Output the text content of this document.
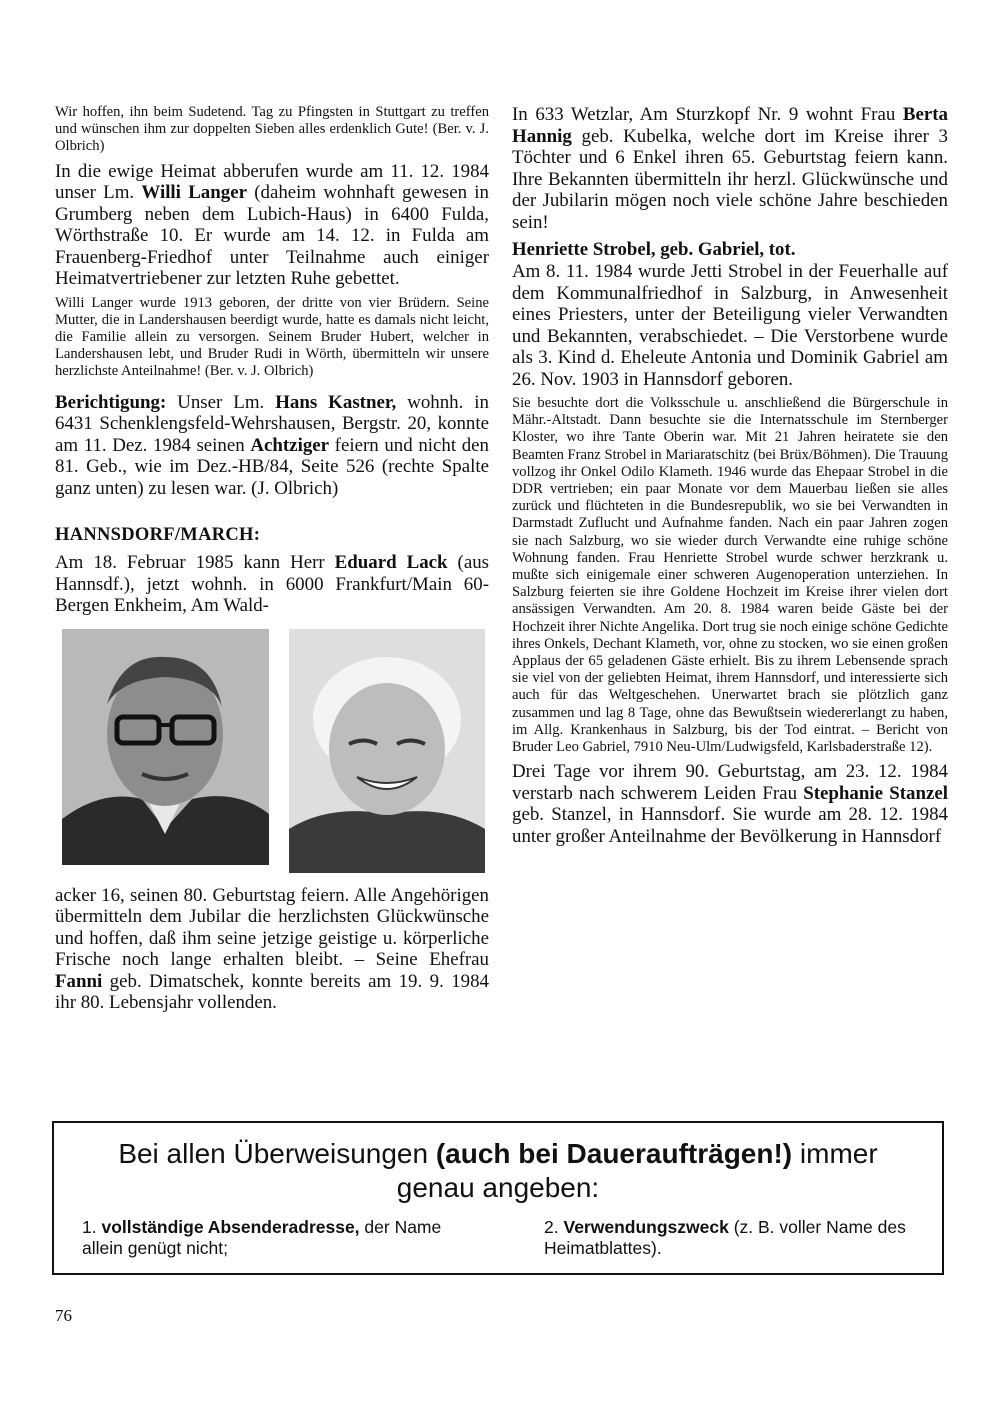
Wir hoffen, ihn beim Sudetend. Tag zu Pfingsten in Stuttgart zu treffen und wünschen ihm zur doppelten Sieben alles erdenklich Gute! (Ber. v. J. Olbrich)

In die ewige Heimat abberufen wurde am 11. 12. 1984 unser Lm. Willi Langer (daheim wohnhaft gewesen in Grumberg neben dem Lubich-Haus) in 6400 Fulda, Wörthstraße 10. Er wurde am 14. 12. in Fulda am Frauenberg-Friedhof unter Teilnahme auch einiger Heimatvertriebener zur letzten Ruhe gebettet.

Willi Langer wurde 1913 geboren, der dritte von vier Brüdern. Seine Mutter, die in Landershausen beerdigt wurde, hatte es damals nicht leicht, die Familie allein zu versorgen. Seinem Bruder Hubert, welcher in Landershausen lebt, und Bruder Rudi in Wörth, übermitteln wir unsere herzlichste Anteilnahme! (Ber. v. J. Olbrich)

Berichtigung: Unser Lm. Hans Kastner, wohnh. in 6431 Schenklengsfeld-Wehrshausen, Bergstr. 20, konnte am 11. Dez. 1984 seinen Achtziger feiern und nicht den 81. Geb., wie im Dez.-HB/84, Seite 526 (rechte Spalte ganz unten) zu lesen war. (J. Olbrich)

HANNSDORF/MARCH:

Am 18. Februar 1985 kann Herr Eduard Lack (aus Hannsdf.), jetzt wohnh. in 6000 Frankfurt/Main 60-Bergen Enkheim, Am Wald-

acker 16, seinen 80. Geburtstag feiern. Alle Angehörigen übermitteln dem Jubilar die herzlichsten Glückwünsche und hoffen, daß ihm seine jetzige geistige u. körperliche Frische noch lange erhalten bleibt. – Seine Ehefrau Fanni geb. Dimatschek, konnte bereits am 19. 9. 1984 ihr 80. Lebensjahr vollenden.

In 633 Wetzlar, Am Sturzkopf Nr. 9 wohnt Frau Berta Hannig geb. Kubelka, welche dort im Kreise ihrer 3 Töchter und 6 Enkel ihren 65. Geburtstag feiern kann. Ihre Bekannten übermitteln ihr herzl. Glückwünsche und der Jubilarin mögen noch viele schöne Jahre beschieden sein!

Henriette Strobel, geb. Gabriel, tot.

Am 8. 11. 1984 wurde Jetti Strobel in der Feuerhalle auf dem Kommunalfriedhof in Salzburg, in Anwesenheit eines Priesters, unter der Beteiligung vieler Verwandten und Bekannten, verabschiedet. – Die Verstorbene wurde als 3. Kind d. Eheleute Antonia und Dominik Gabriel am 26. Nov. 1903 in Hannsdorf geboren.

Sie besuchte dort die Volksschule u. anschließend die Bürgerschule in Mähr.-Altstadt. Dann besuchte sie die Internatsschule im Sternberger Kloster, wo ihre Tante Oberin war. Mit 21 Jahren heiratete sie den Beamten Franz Strobel in Mariaratschitz (bei Brüx/Böhmen). Die Trauung vollzog ihr Onkel Odilo Klameth. 1946 wurde das Ehepaar Strobel in die DDR vertrieben; ein paar Monate vor dem Mauerbau ließen sie alles zurück und flüchteten in die Bundesrepublik, wo sie bei Verwandten in Darmstadt Zuflucht und Aufnahme fanden. Nach ein paar Jahren zogen sie nach Salzburg, wo sie wieder durch Verwandte eine ruhige schöne Wohnung fanden. Frau Henriette Strobel wurde schwer herzkrank u. mußte sich einigemale einer schweren Augenoperation unterziehen. In Salzburg feierten sie ihre Goldene Hochzeit im Kreise ihrer vielen dort ansässigen Verwandten. Am 20. 8. 1984 waren beide Gäste bei der Hochzeit ihrer Nichte Angelika. Dort trug sie noch einige schöne Gedichte ihres Onkels, Dechant Klameth, vor, ohne zu stocken, wo sie einen großen Applaus der 65 geladenen Gäste erhielt. Bis zu ihrem Lebensende sprach sie viel von der geliebten Heimat, ihrem Hannsdorf, und interessierte sich auch für das Weltgeschehen. Unerwartet brach sie plötzlich ganz zusammen und lag 8 Tage, ohne das Bewußtsein wiedererlangt zu haben, im Allg. Krankenhaus in Salzburg, bis der Tod eintrat. – Bericht von Bruder Leo Gabriel, 7910 Neu-Ulm/Ludwigsfeld, Karlsbaderstraße 12).

Drei Tage vor ihrem 90. Geburtstag, am 23. 12. 1984 verstarb nach schwerem Leiden Frau Stephanie Stanzel geb. Stanzel, in Hannsdorf. Sie wurde am 28. 12. 1984 unter großer Anteilnahme der Bevölkerung in Hannsdorf

Bei allen Überweisungen (auch bei Daueraufträgen!) immer
genau angeben:
1. vollständige Absenderadresse, der Name allein genügt nicht;
2. Verwendungszweck (z. B. voller Name des Heimatblattes).
76
